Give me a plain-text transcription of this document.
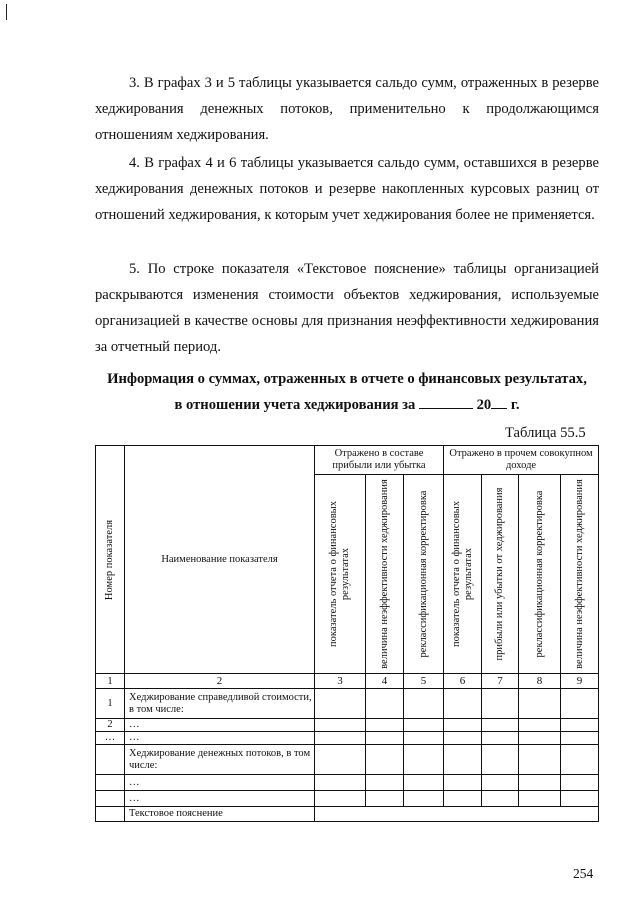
3. В графах 3 и 5 таблицы указывается сальдо сумм, отраженных в резерве хеджирования денежных потоков, применительно к продолжающимся отношениям хеджирования.

4. В графах 4 и 6 таблицы указывается сальдо сумм, оставшихся в резерве хеджирования денежных потоков и резерве накопленных курсовых разниц от отношений хеджирования, к которым учет хеджирования более не применяется.

5. По строке показателя «Текстовое пояснение» таблицы организацией раскрываются изменения стоимости объектов хеджирования, используемые организацией в качестве основы для признания неэффективности хеджирования за отчетный период.

Информация о суммах, отраженных в отчете о финансовых результатах,

в отношении учета хеджирования за	20 г.

Таблица 55.5
Номер показателя	Наименование показателя	Отражено в составе прибыли или убытка			Отражено в прочем совокупном доходе			

		показатель отчета о финансовых результатах	величина неэффективности хеджирования	реклассификационная корректировка	показатель отчета о финансовых результатах	прибыли или убытки от хеджирования	реклассификационная корректировка	величина неэффективности хеджирования

1	2	3	4	5	6	7	8	9
1	Хеджирование справедливой стоимости, в том числе:							
2	…							
…	…							
	Хеджирование денежных потоков, в том числе:							
	…							
	…							
	Текстовое пояснение							
254
